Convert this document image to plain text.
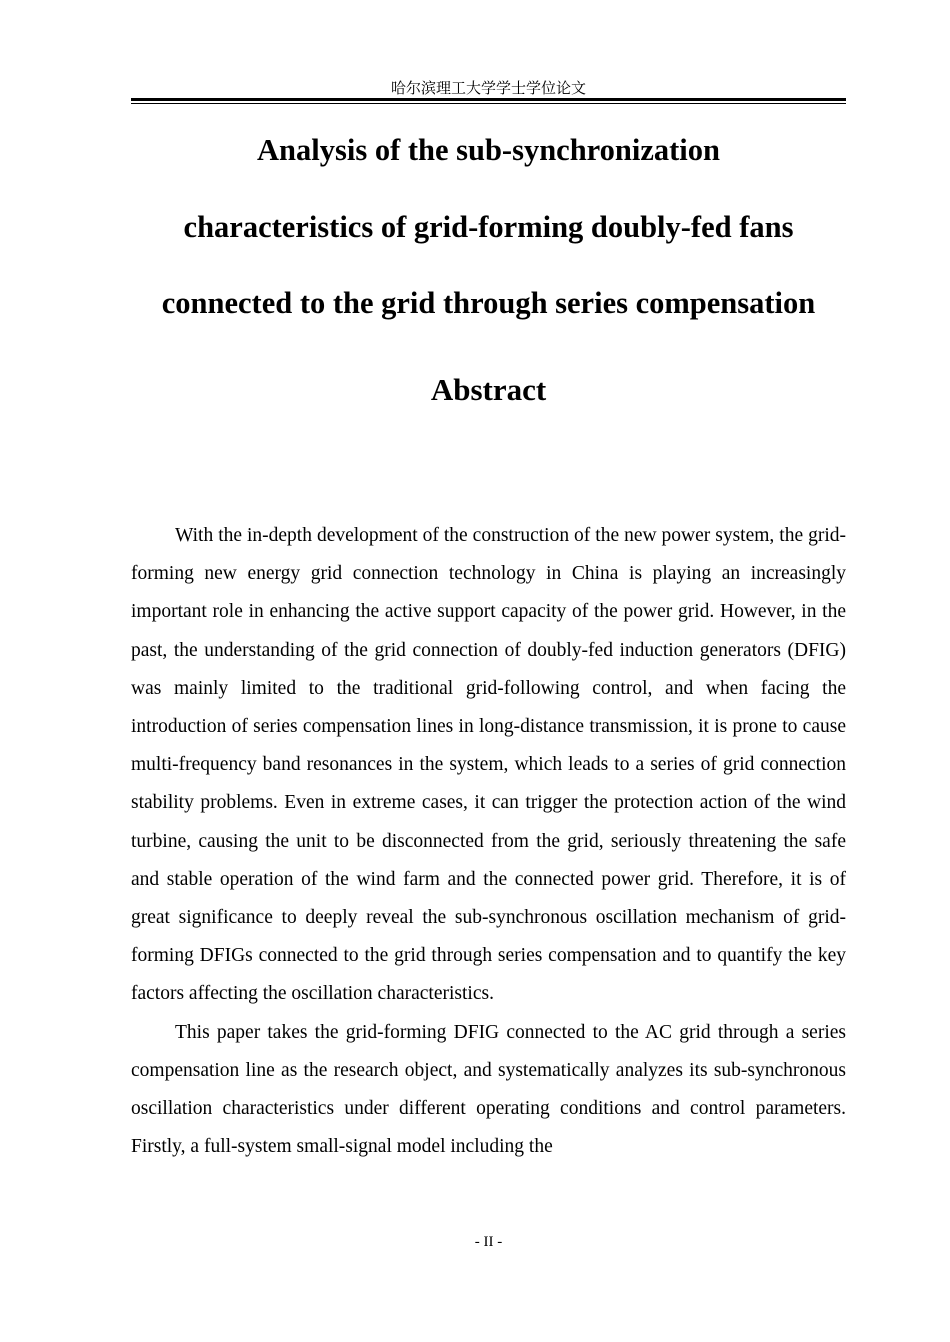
哈尔滨理工大学学士学位论文
Analysis of the sub-synchronization
characteristics of grid-forming doubly-fed fans
connected to the grid through series compensation
Abstract

With the in-depth development of the construction of the new power system, the grid-forming new energy grid connection technology in China is playing an increasingly important role in enhancing the active support capacity of the power grid. However, in the past, the understanding of the grid connection of doubly-fed induction generators (DFIG) was mainly limited to the traditional grid-following control, and when facing the introduction of series compensation lines in long-distance transmission, it is prone to cause multi-frequency band resonances in the system, which leads to a series of grid connection stability problems. Even in extreme cases, it can trigger the protection action of the wind turbine, causing the unit to be disconnected from the grid, seriously threatening the safe and stable operation of the wind farm and the connected power grid. Therefore, it is of great significance to deeply reveal the sub-synchronous oscillation mechanism of grid-forming DFIGs connected to the grid through series compensation and to quantify the key factors affecting the oscillation characteristics.

This paper takes the grid-forming DFIG connected to the AC grid through a series compensation line as the research object, and systematically analyzes its sub-synchronous oscillation characteristics under different operating conditions and control parameters. Firstly, a full-system small-signal model including the

- II -
